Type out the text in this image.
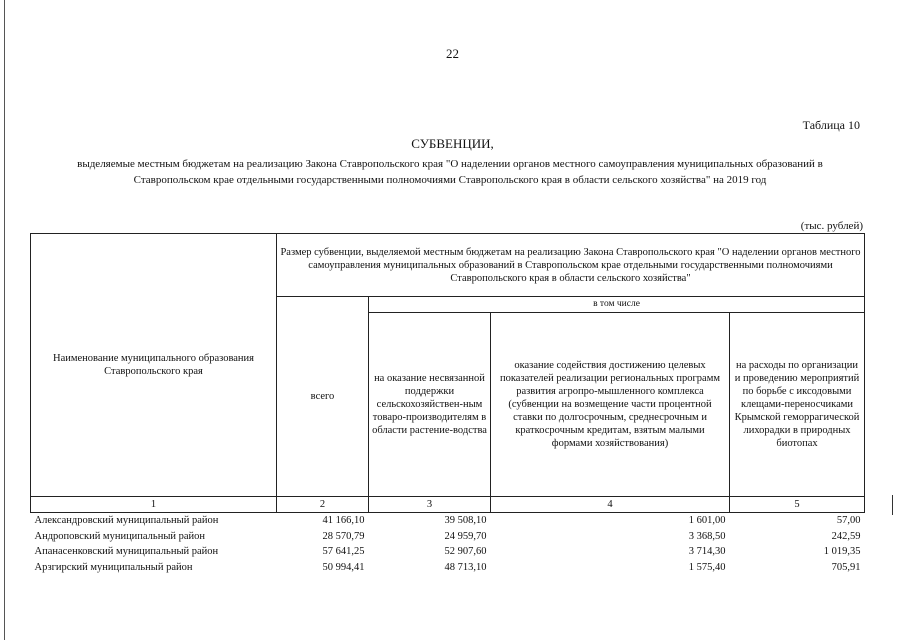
22
Таблица 10
СУБВЕНЦИИ,
выделяемые местным бюджетам на реализацию Закона Ставропольского края "О наделении органов местного самоуправления муниципальных образований в
Ставропольском крае отдельными государственными полномочиями Ставропольского края в области сельского хозяйства" на 2019 год
(тыс. рублей)
Наименование муниципального образования Ставропольского края	Размер субвенции, выделяемой местным бюджетам на реализацию Закона Ставропольского края "О наделении органов местного самоуправления муниципальных образований в Ставропольском крае отдельными государственными полномочиями Ставропольского края в области сельского хозяйства"			
	всего	в том числе		
		на оказание несвязанной поддержки сельскохозяйствен-ным товаро-производителям в области растение-водства	оказание содействия достижению целевых показателей реализации региональных программ развития агропро-мышленного комплекса (субвенции на возмещение части процентной ставки по долгосрочным, среднесрочным и краткосрочным кредитам, взятым малыми формами хозяйствования)	на расходы по организации и проведению мероприятий по борьбе с иксодовыми клещами-переносчиками Крымской геморрагической лихорадки в природных биотопах
1	2	3	4	5
Александровский муниципальный район	41 166,10	39 508,10	1 601,00	57,00
Андроповский муниципальный район	28 570,79	24 959,70	3 368,50	242,59
Апанасенковский муниципальный район	57 641,25	52 907,60	3 714,30	1 019,35
Арзгирский муниципальный район	50 994,41	48 713,10	1 575,40	705,91
